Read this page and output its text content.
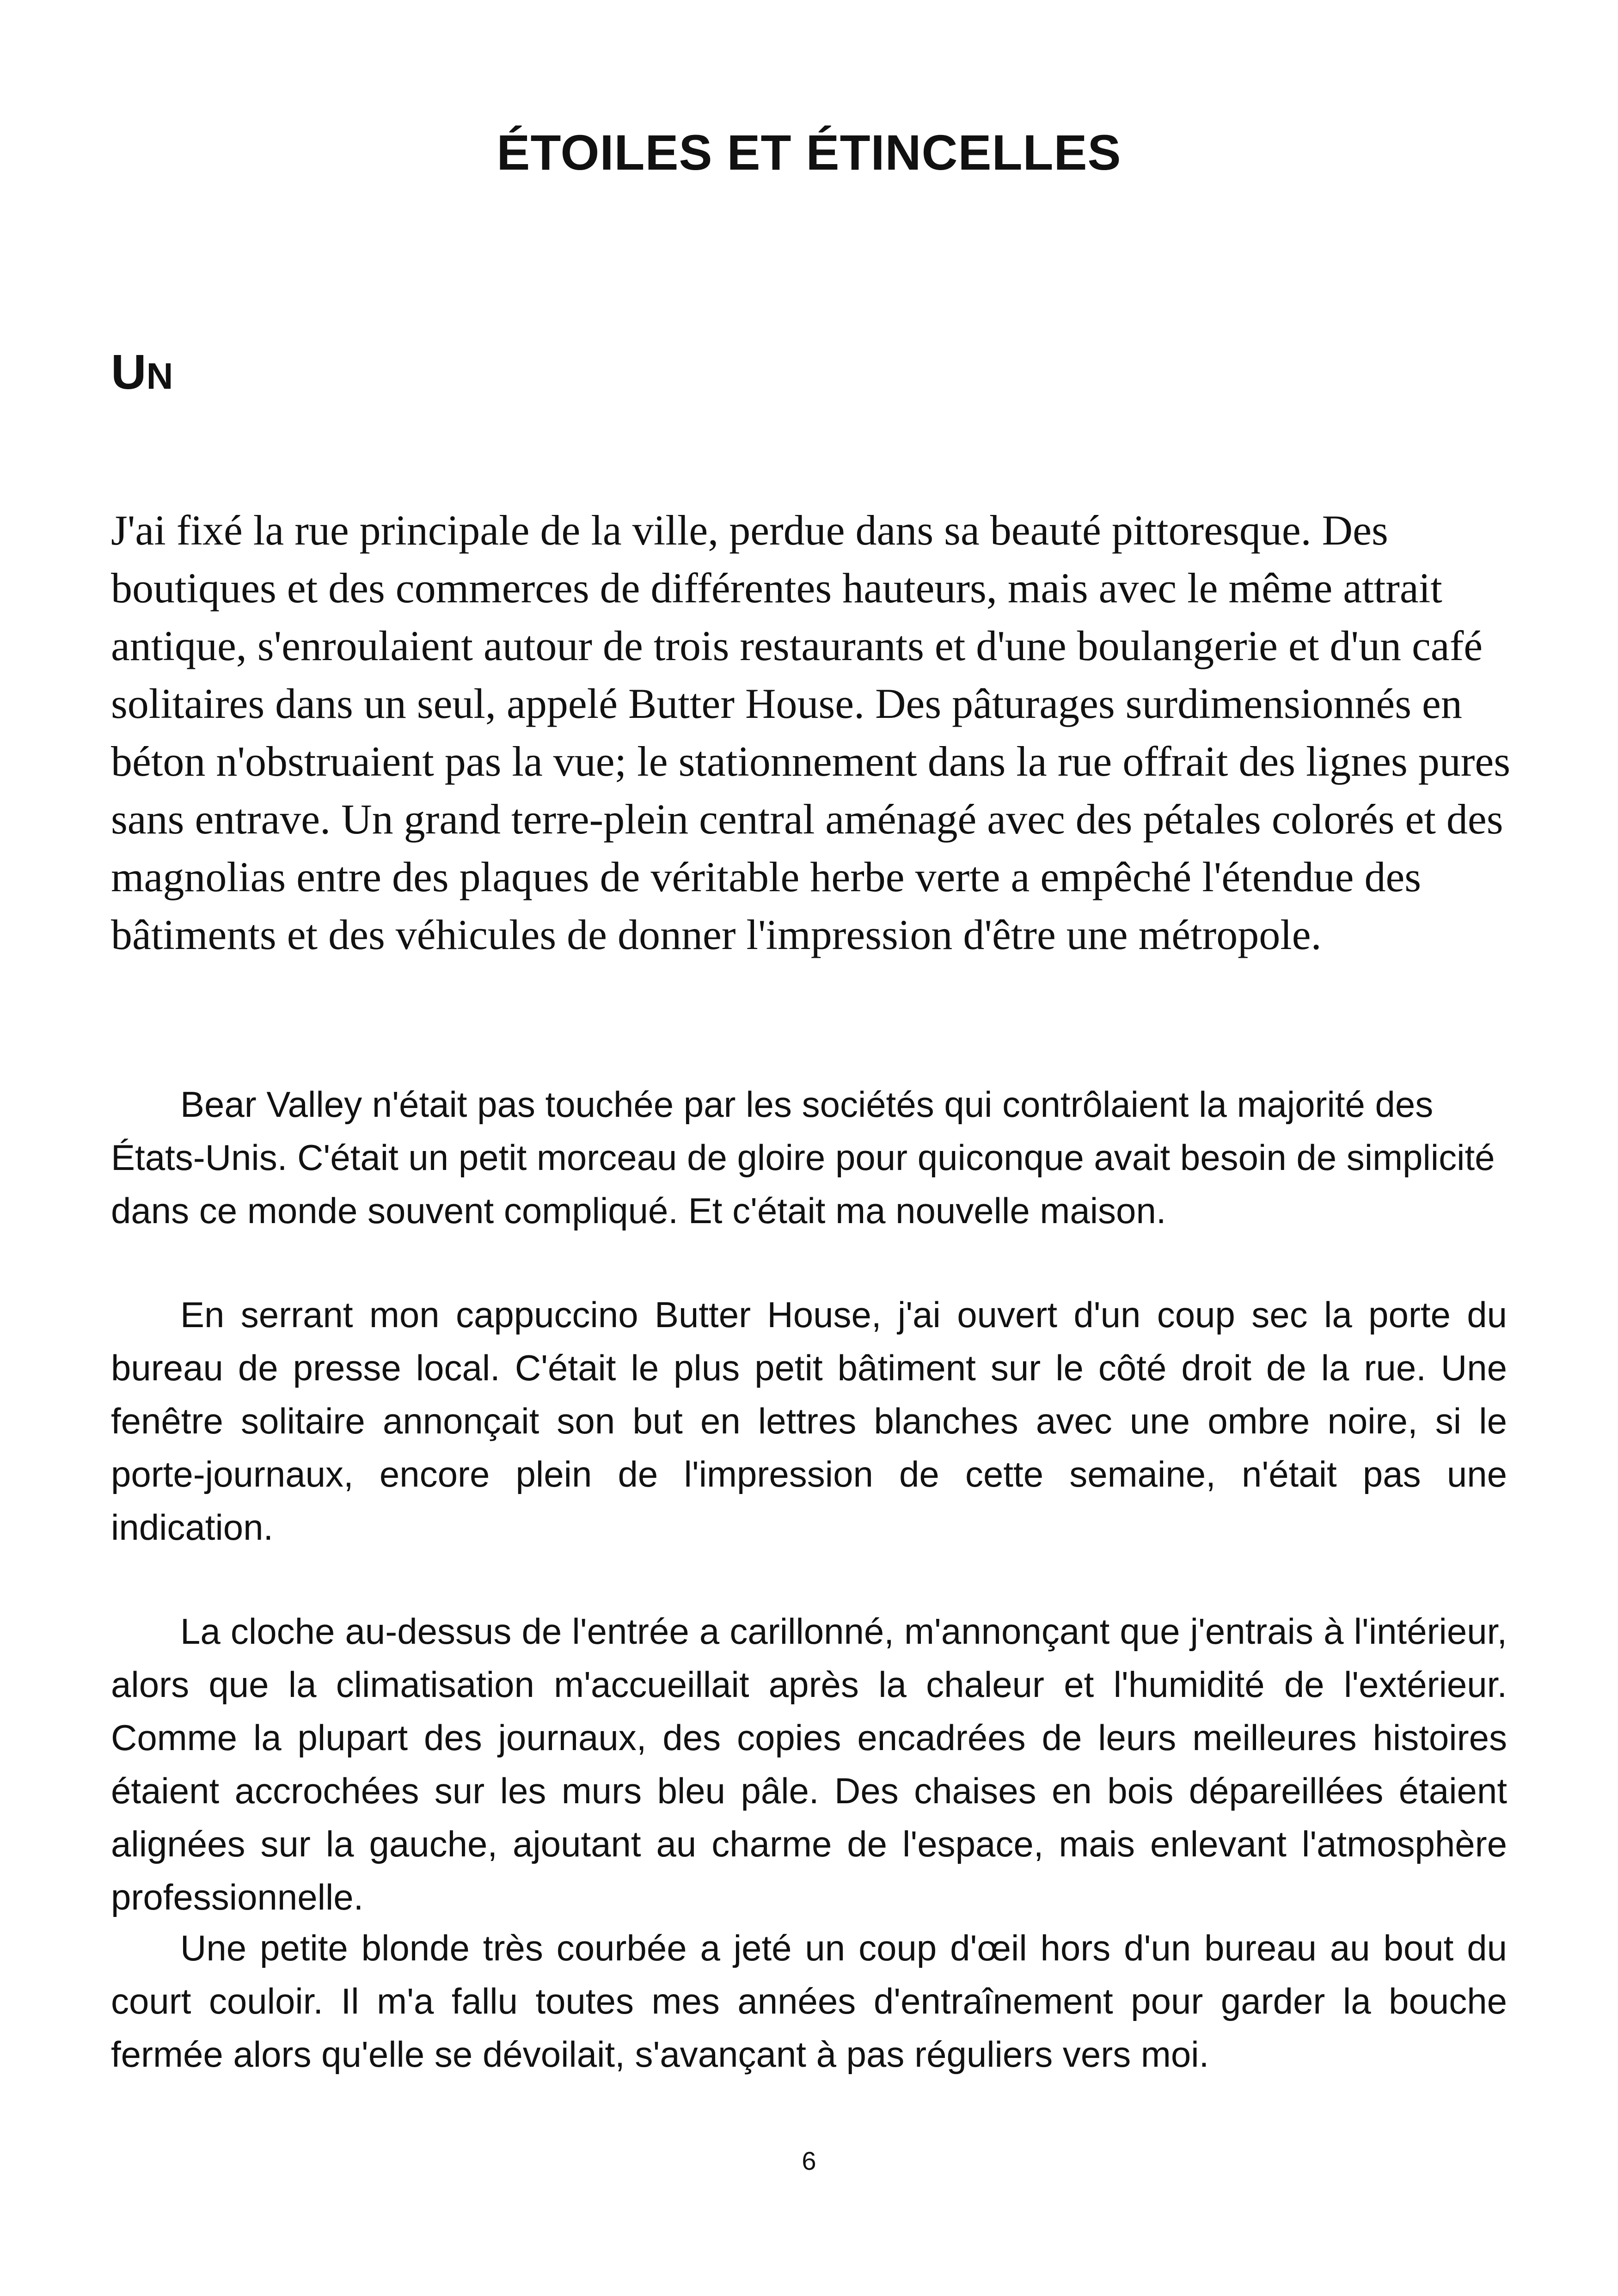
ÉTOILES ET ÉTINCELLES
UN

J'ai fixé la rue principale de la ville, perdue dans sa beauté pittoresque. Des boutiques et des commerces de différentes hauteurs, mais avec le même attrait antique, s'enroulaient autour de trois restaurants et d'une boulangerie et d'un café solitaires dans un seul, appelé Butter House. Des pâturages surdimensionnés en béton n'obstruaient pas la vue; le stationnement dans la rue offrait des lignes pures sans entrave. Un grand terre-plein central aménagé avec des pétales colorés et des magnolias entre des plaques de véritable herbe verte a empêché l'étendue des bâtiments et des véhicules de donner l'impression d'être une métropole.

Bear Valley n'était pas touchée par les sociétés qui contrôlaient la majorité des États-Unis. C'était un petit morceau de gloire pour quiconque avait besoin de simplicité dans ce monde souvent compliqué. Et c'était ma nouvelle maison.

En serrant mon cappuccino Butter House, j'ai ouvert d'un coup sec la porte du bureau de presse local. C'était le plus petit bâtiment sur le côté droit de la rue. Une fenêtre solitaire annonçait son but en lettres blanches avec une ombre noire, si le porte-journaux, encore plein de l'impression de cette semaine, n'était pas une indication.

La cloche au-dessus de l'entrée a carillonné, m'annonçant que j'entrais à l'intérieur, alors que la climatisation m'accueillait après la chaleur et l'humidité de l'extérieur. Comme la plupart des journaux, des copies encadrées de leurs meilleures histoires étaient accrochées sur les murs bleu pâle. Des chaises en bois dépareillées étaient alignées sur la gauche, ajoutant au charme de l'espace, mais enlevant l'atmosphère professionnelle.

Une petite blonde très courbée a jeté un coup d'œil hors d'un bureau au bout du court couloir. Il m'a fallu toutes mes années d'entraînement pour garder la bouche fermée alors qu'elle se dévoilait, s'avançant à pas réguliers vers moi.

6
